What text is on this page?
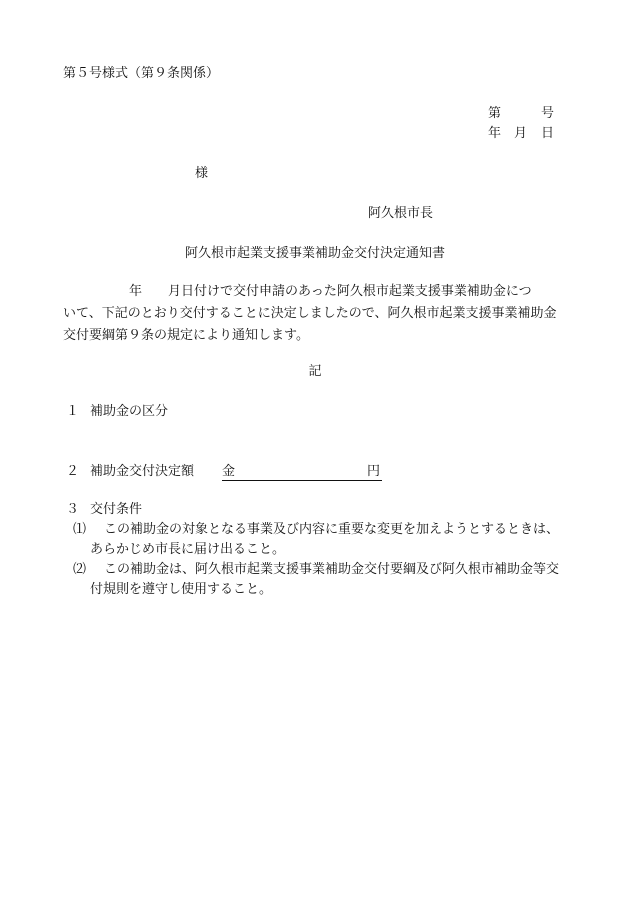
第５号様式（第９条関係）
第	号
年 月 日
様
阿久根市長
阿久根市起業支援事業補助金交付決定通知書
年 月日付けで交付申請のあった阿久根市起業支援事業補助金につ
いて、下記のとおり交付することに決定しましたので、阿久根市起業支援事業補助金
交付要綱第９条の規定により通知します。
記
１ 補助金の区分
２ 補助金交付決定額 金	円
３ 交付条件
⑴ この補助金の対象となる事業及び内容に重要な変更を加えようとするときは、
あらかじめ市長に届け出ること。
⑵ この補助金は、阿久根市起業支援事業補助金交付要綱及び阿久根市補助金等交
付規則を遵守し使用すること。
